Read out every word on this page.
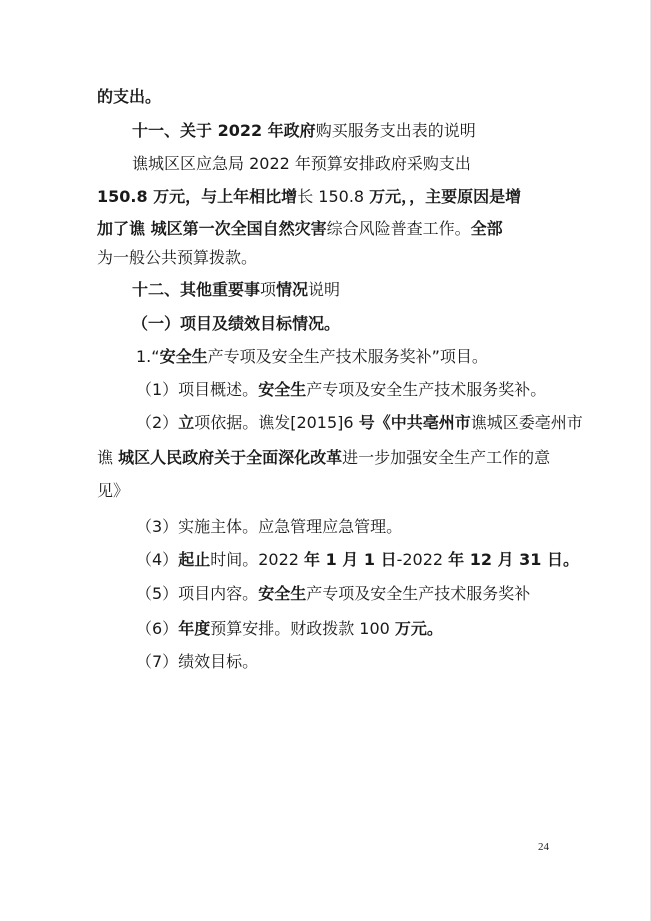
的支出。
十一、关于 2022 年政府购买服务支出表的说明
谯城区区应急局 2022 年预算安排政府采购支出
150.8 万元，与上年相比增长 150.8 万元，，主要原因是增
加了谯 城区第一次全国自然灾害综合风险普查工作。全部
为一般公共预算拨款。
十二、其他重要事项情况说明
（一）项目及绩效目标情况。
1.“安全生产专项及安全生产技术服务奖补”项目。
（1）项目概述。安全生产专项及安全生产技术服务奖补。
（2）立项依据。谯发[2015]6 号《中共亳州市谯城区委亳州市
谯 城区人民政府关于全面深化改革进一步加强安全生产工作的意
见》
（3）实施主体。应急管理应急管理。
（4）起止时间。2022 年 1 月 1 日-2022 年 12 月 31 日。
（5）项目内容。安全生产专项及安全生产技术服务奖补
（6）年度预算安排。财政拨款 100 万元。
（7）绩效目标。
24
